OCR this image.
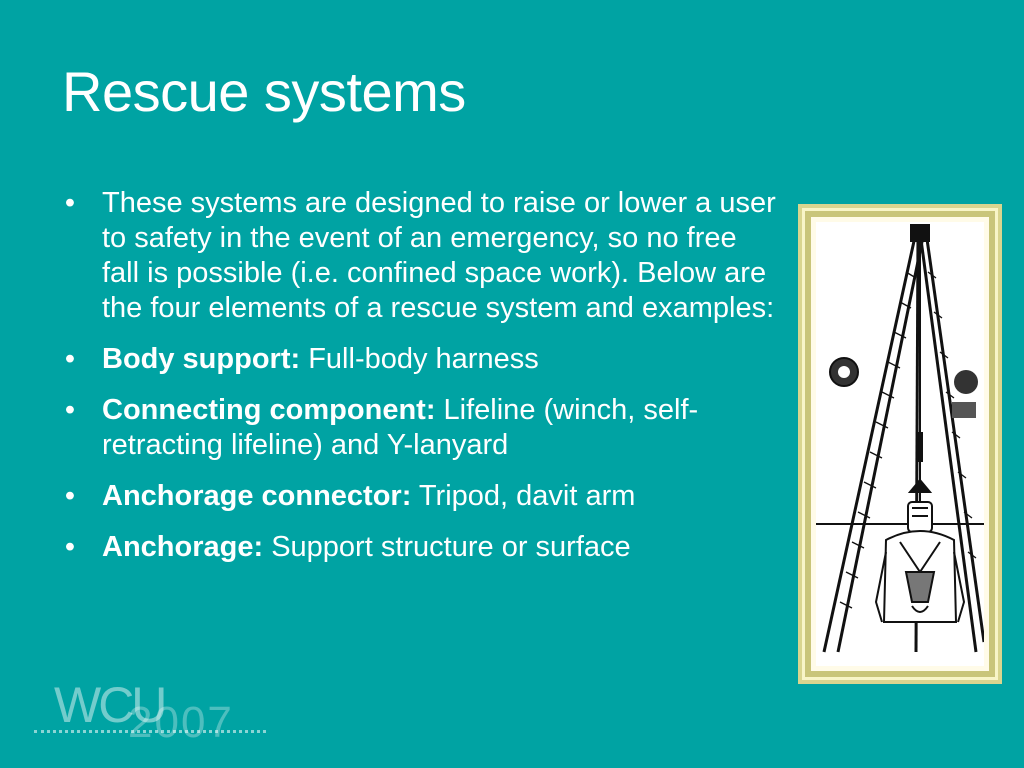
Rescue systems
• These systems are designed to raise or lower a user to safety in the event of an emergency, so no free fall is possible (i.e. confined space work). Below are the four elements of a rescue system and examples:
• Body support: Full-body harness
• Connecting component: Lifeline (winch, self-retracting lifeline) and Y-lanyard
• Anchorage connector: Tripod, davit arm
• Anchorage: Support structure or surface
WCU
2007
